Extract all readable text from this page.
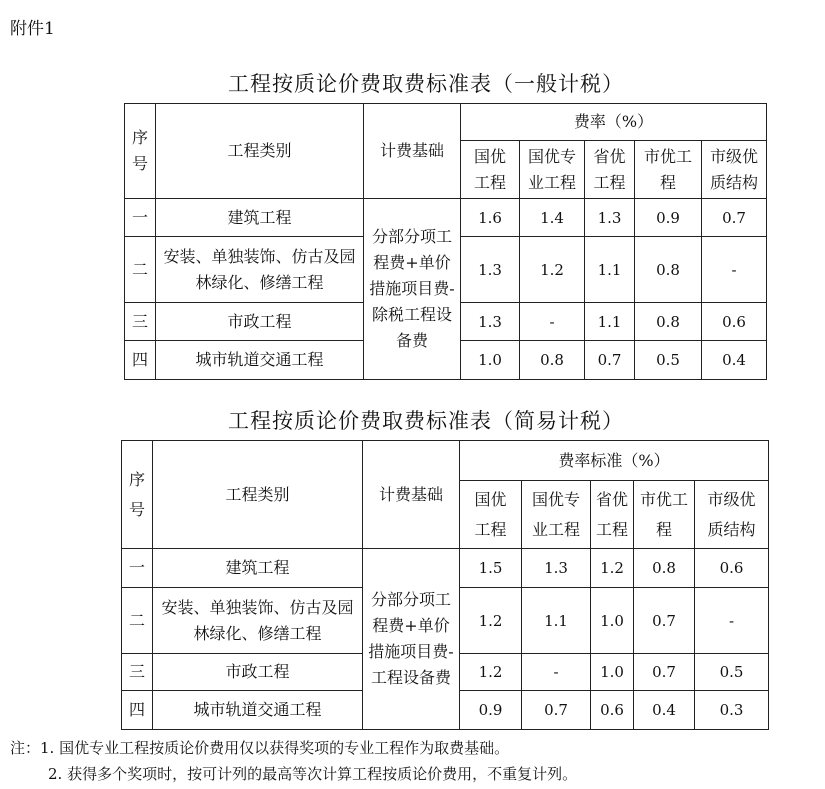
附件1
工程按质论价费取费标准表（一般计税）
序号	工程类别	计费基础	费率（%）				

			国优工程	国优专业工程	省优工程	市优工程	市级优质结构

一	建筑工程	分部分项工程费+单价措施项目费-除税工程设备费	1.6	1.4	1.3	0.9	0.7
二	安装、单独装饰、仿古及园林绿化、修缮工程		1.3	1.2	1.1	0.8	-
三	市政工程		1.3	-	1.1	0.8	0.6
四	城市轨道交通工程		1.0	0.8	0.7	0.5	0.4
工程按质论价费取费标准表（简易计税）
序号	工程类别	计费基础	费率标准（%）				

			国优工程	国优专业工程	省优工程	市优工程	市级优质结构

一	建筑工程	分部分项工程费+单价措施项目费-工程设备费	1.5	1.3	1.2	0.8	0.6
二	安装、单独装饰、仿古及园林绿化、修缮工程		1.2	1.1	1.0	0.7	-
三	市政工程		1.2	-	1.0	0.7	0.5
四	城市轨道交通工程		0.9	0.7	0.6	0.4	0.3
注：1. 国优专业工程按质论价费用仅以获得奖项的专业工程作为取费基础。
2. 获得多个奖项时，按可计列的最高等次计算工程按质论价费用，不重复计列。
